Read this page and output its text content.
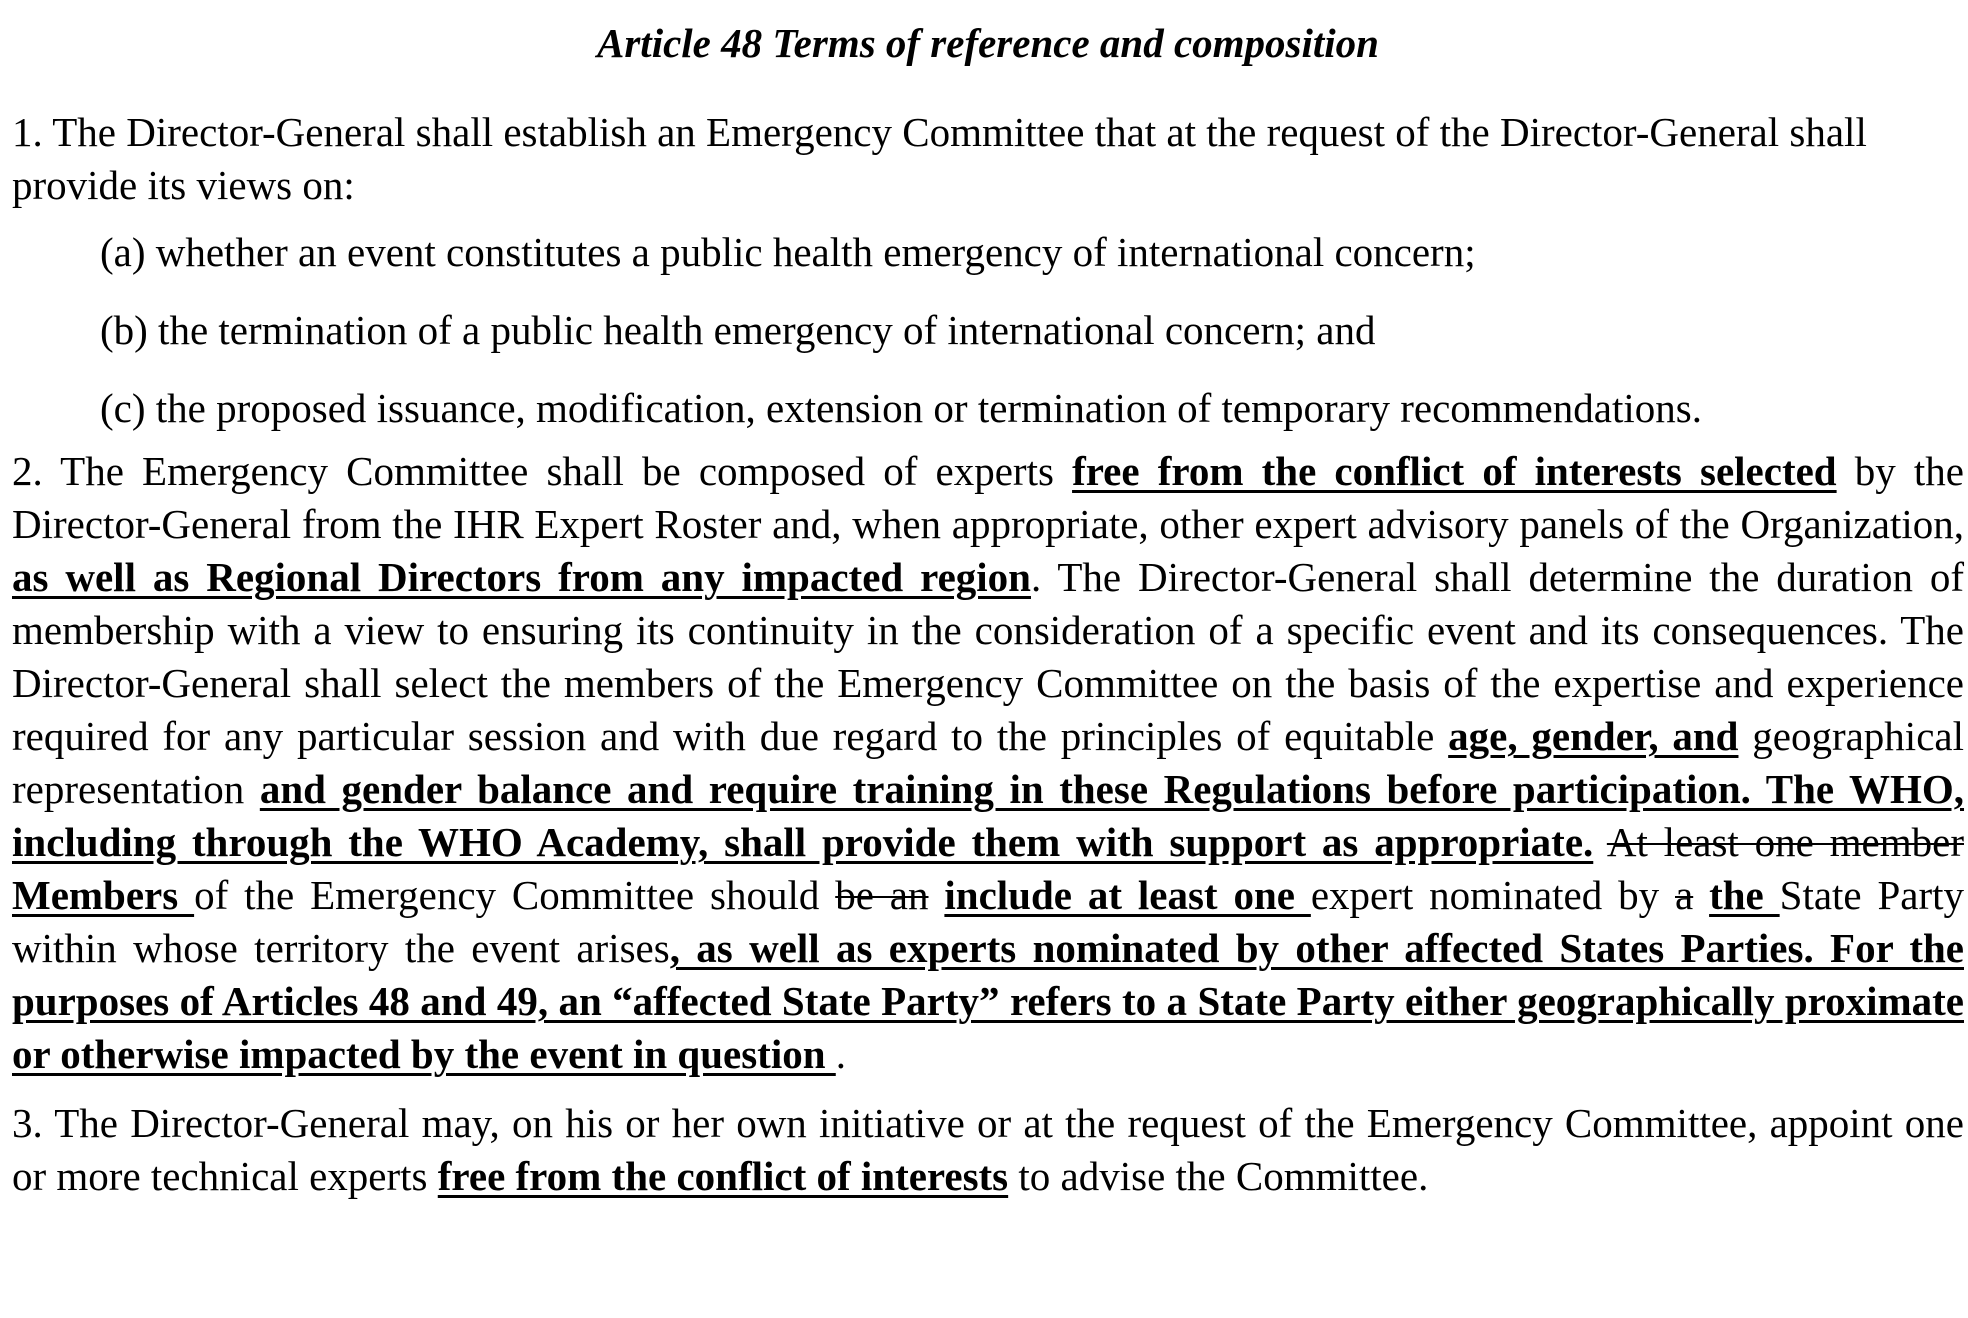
Article 48 Terms of reference and composition

1. The Director-General shall establish an Emergency Committee that at the request of the Director-General shall provide its views on:

(a) whether an event constitutes a public health emergency of international concern;

(b) the termination of a public health emergency of international concern; and

(c) the proposed issuance, modification, extension or termination of temporary recommendations.

2. The Emergency Committee shall be composed of experts free from the conflict of interests selected by the Director-General from the IHR Expert Roster and, when appropriate, other expert advisory panels of the Organization, as well as Regional Directors from any impacted region. The Director-General shall determine the duration of membership with a view to ensuring its continuity in the consideration of a specific event and its consequences. The Director-General shall select the members of the Emergency Committee on the basis of the expertise and experience required for any particular session and with due regard to the principles of equitable age, gender, and geographical representation and gender balance and require training in these Regulations before participation. The WHO, including through the WHO Academy, shall provide them with support as appropriate. At least one member Members of the Emergency Committee should be an include at least one expert nominated by a the State Party within whose territory the event arises, as well as experts nominated by other affected States Parties. For the purposes of Articles 48 and 49, an “affected State Party” refers to a State Party either geographically proximate or otherwise impacted by the event in question .

3. The Director-General may, on his or her own initiative or at the request of the Emergency Committee, appoint one or more technical experts free from the conflict of interests to advise the Committee.
